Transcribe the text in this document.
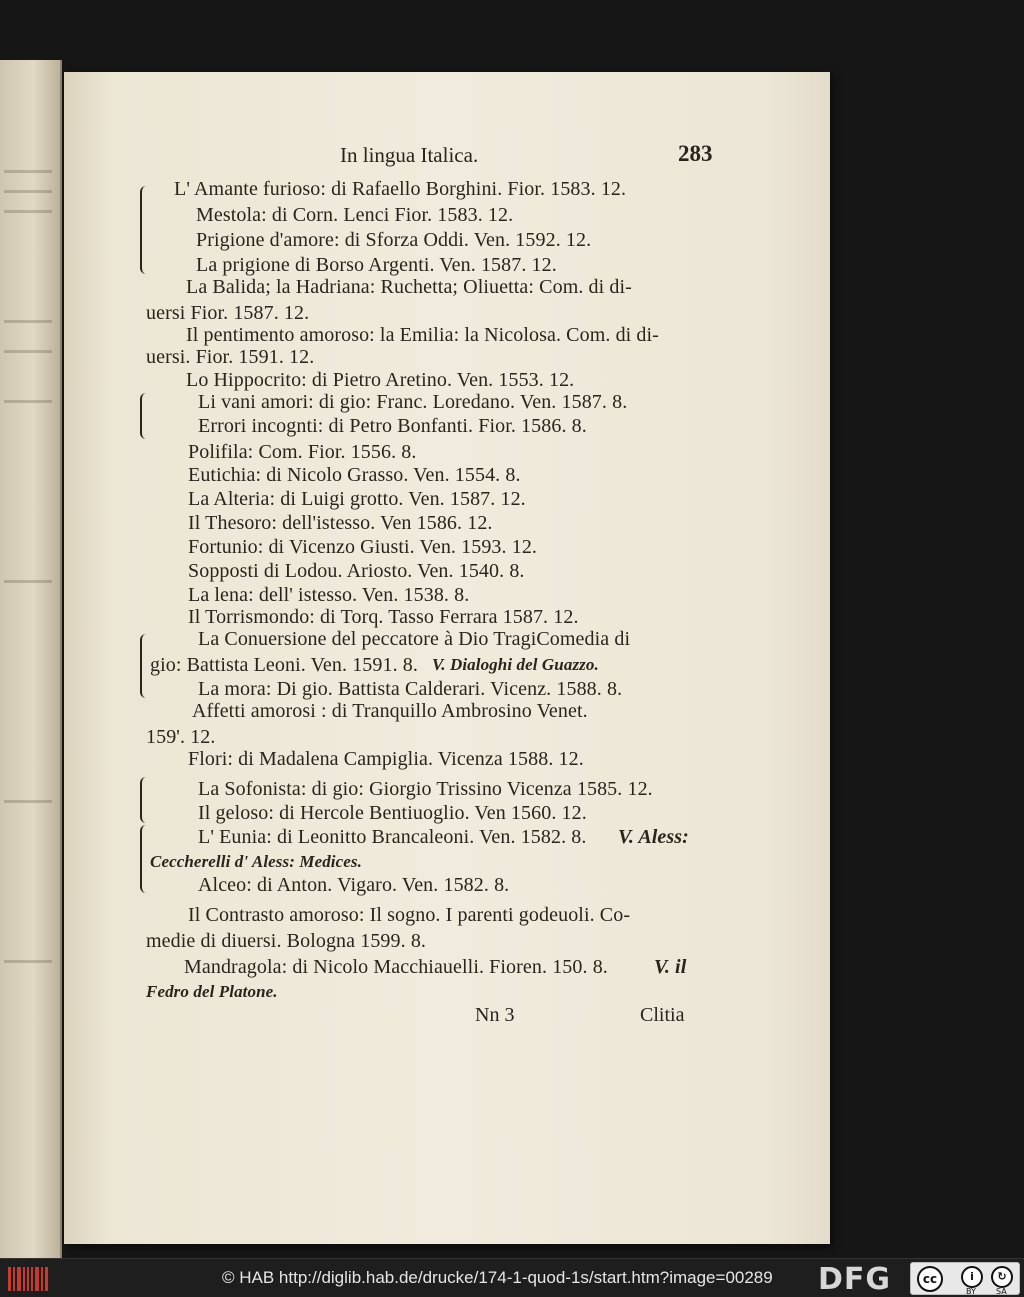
In lingua Italica.	283
L' Amante furioso: di Rafaello Borghini. Fior. 1583. 12.
Mestola: di Corn. Lenci Fior. 1583. 12.
Prigione d'amore: di Sforza Oddi. Ven. 1592. 12.
La prigione di Borso Argenti. Ven. 1587. 12.
La Balida; la Hadriana: Ruchetta; Oliuetta: Com. di di-
uersi Fior. 1587. 12.
Il pentimento amoroso: la Emilia: la Nicolosa. Com. di di-
uersi. Fior. 1591. 12.
Lo Hippocrito: di Pietro Aretino. Ven. 1553. 12.
Li vani amori: di gio: Franc. Loredano. Ven. 1587. 8.
Errori incognti: di Petro Bonfanti. Fior. 1586. 8.
Polifila: Com. Fior. 1556. 8.
Eutichia: di Nicolo Grasso. Ven. 1554. 8.
La Alteria: di Luigi grotto. Ven. 1587. 12.
Il Thesoro: dell'istesso. Ven 1586. 12.
Fortunio: di Vicenzo Giusti. Ven. 1593. 12.
Sopposti di Lodou. Ariosto. Ven. 1540. 8.
La lena: dell' istesso. Ven. 1538. 8.
Il Torrismondo: di Torq. Tasso Ferrara 1587. 12.
La Conuersione del peccatore à Dio TragiComedia di
gio: Battista Leoni. Ven. 1591. 8. V. Dialoghi del Guazzo.
La mora: Di gio. Battista Calderari. Vicenz. 1588. 8.
Affetti amorosi : di Tranquillo Ambrosino Venet.
159'. 12.
Flori: di Madalena Campiglia. Vicenza 1588. 12.
La Sofonista: di gio: Giorgio Trissino Vicenza 1585. 12.
Il geloso: di Hercole Bentiuoglio. Ven 1560. 12.
L' Eunia: di Leonitto Brancaleoni. Ven. 1582. 8. V. Aless:
Ceccherelli d' Aless: Medices.
Alceo: di Anton. Vigaro. Ven. 1582. 8.
Il Contrasto amoroso: Il sogno. I parenti godeuoli. Co-
medie di diuersi. Bologna 1599. 8.
Mandragola: di Nicolo Macchiauelli. Fioren. 150. 8. V. il
Fedro del Platone.
Nn 3	Clitia
© HAB http://diglib.hab.de/drucke/174-1-quod-1s/start.htm?image=00289 DFG	cc	i	↻
BY	SA
